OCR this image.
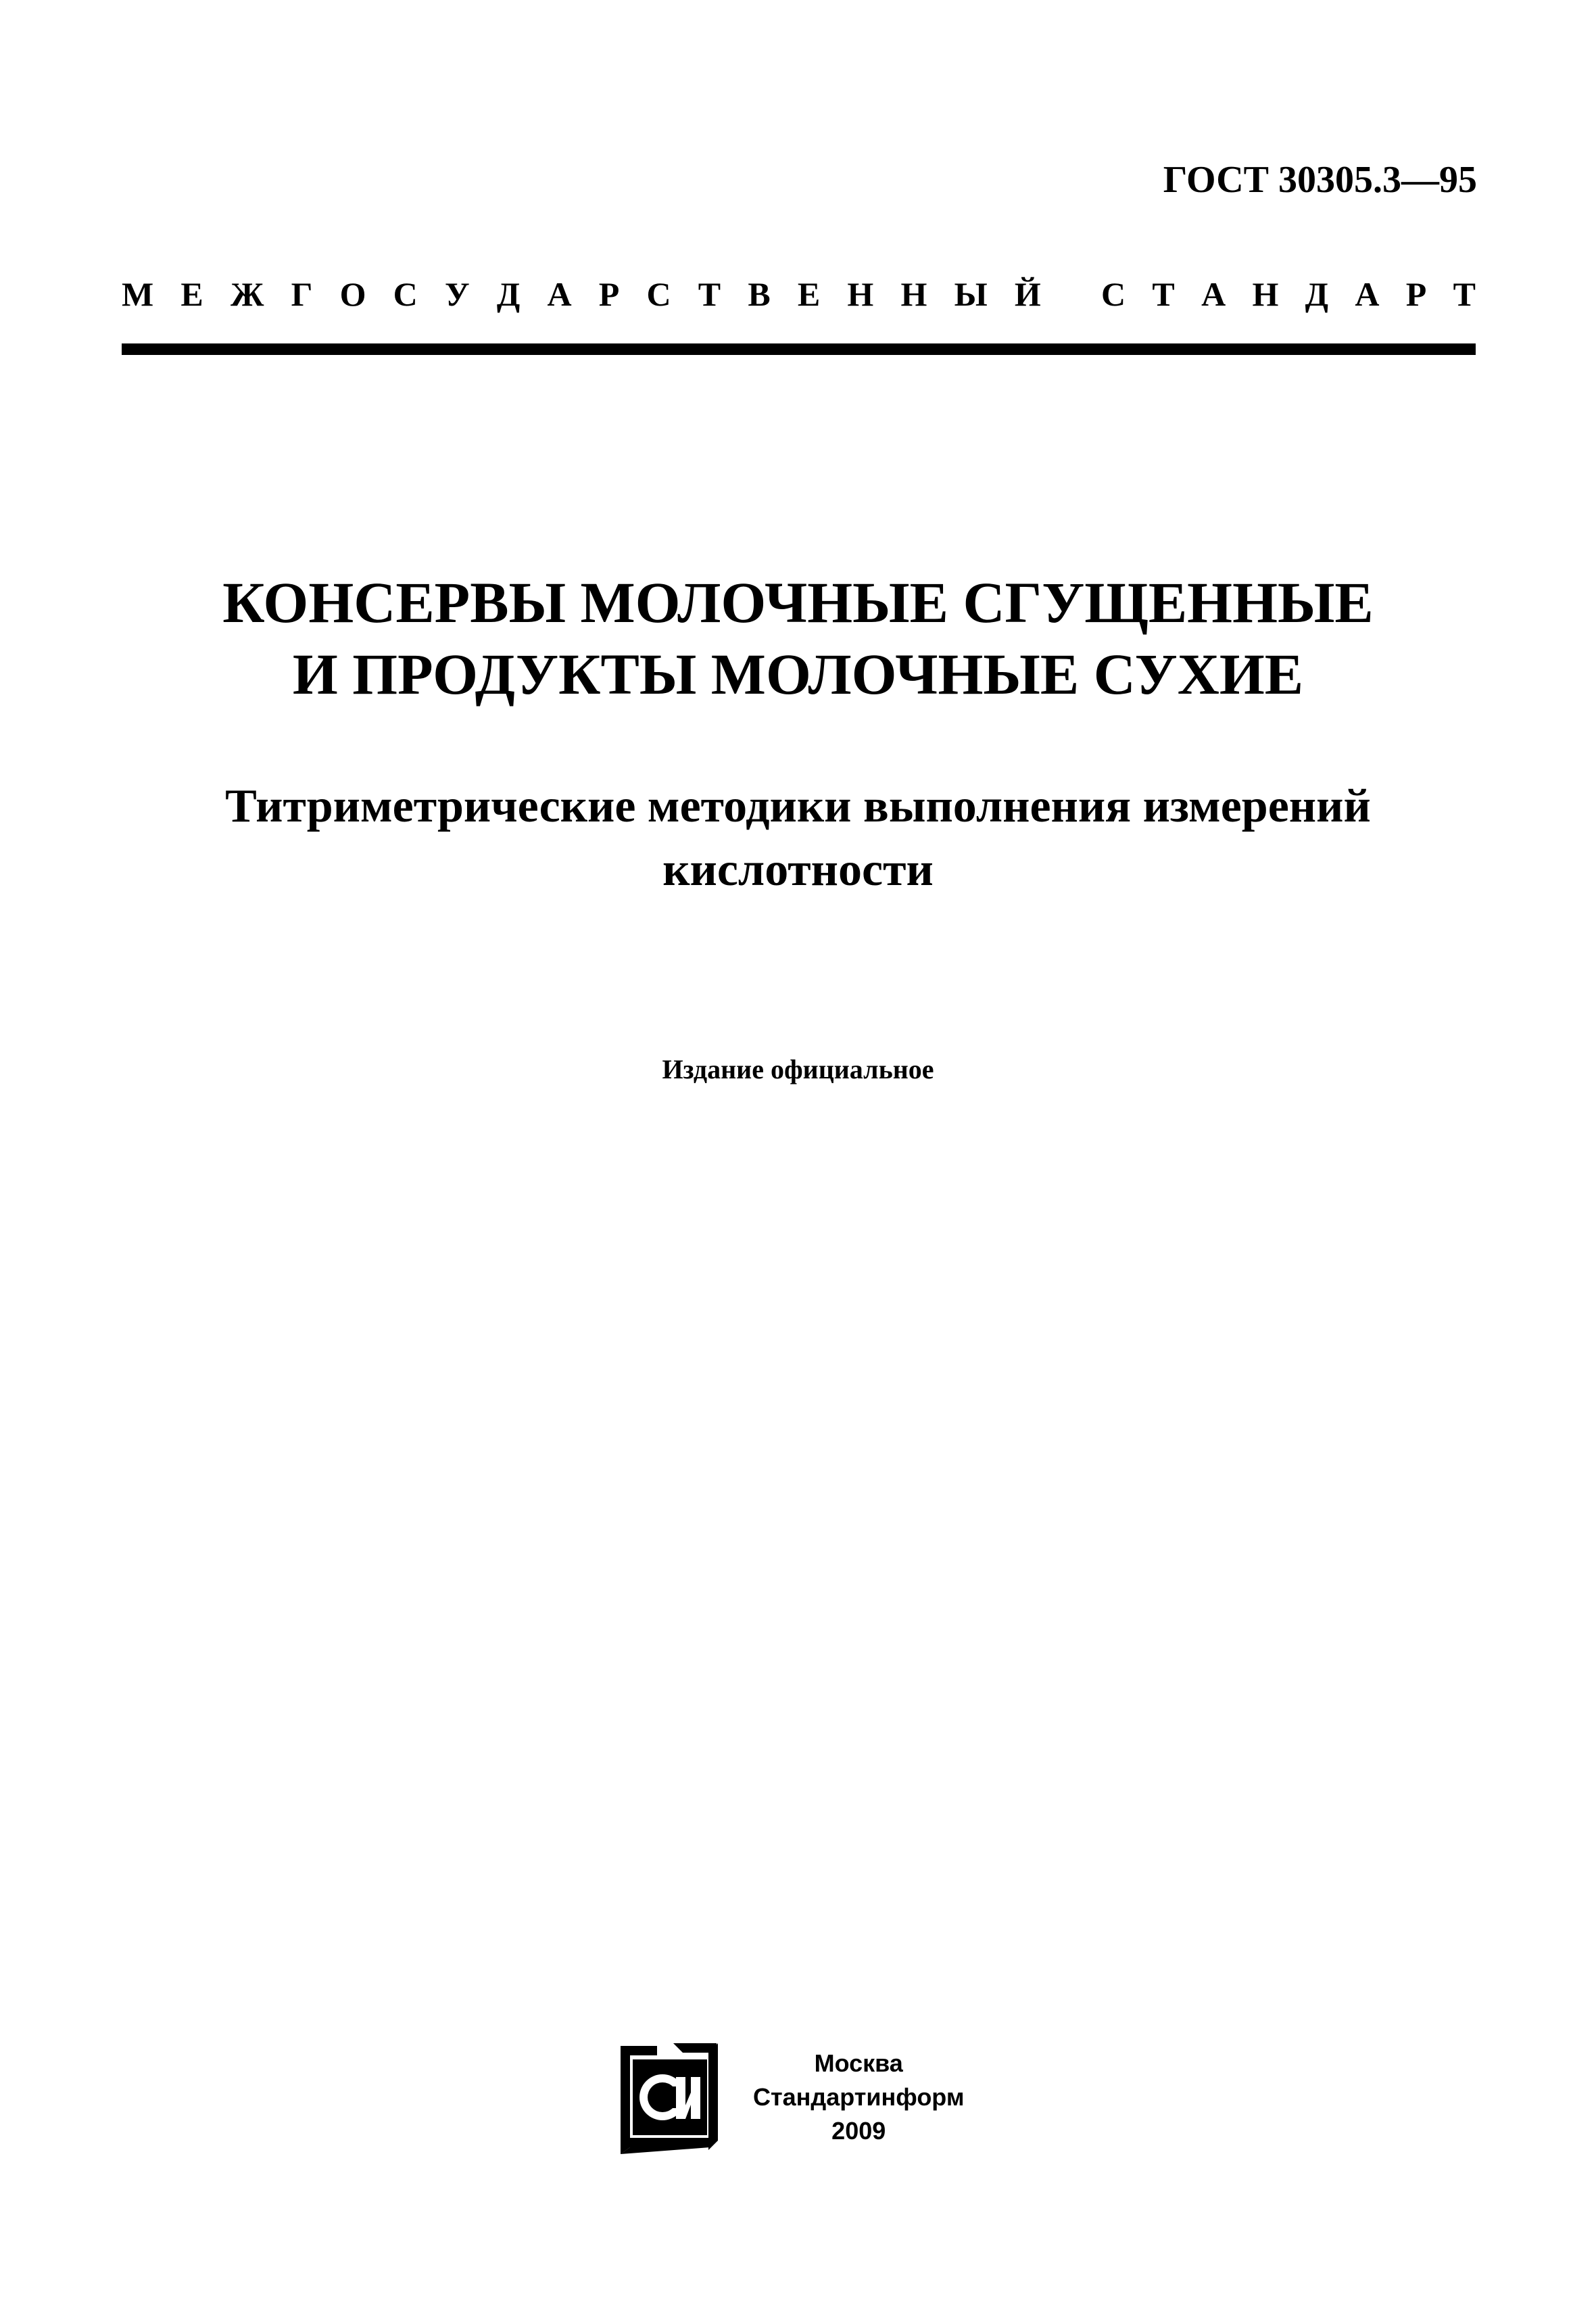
ГОСТ 30305.3—95
М Е Ж Г О С У Д А Р С Т В Е Н Н Ы Й С Т А Н Д А Р Т
КОНСЕРВЫ МОЛОЧНЫЕ СГУЩЕННЫЕ
И ПРОДУКТЫ МОЛОЧНЫЕ СУХИЕ
Титриметрические методики выполнения измерений
кислотности
Издание официальное
Москва
Стандартинформ
2009
